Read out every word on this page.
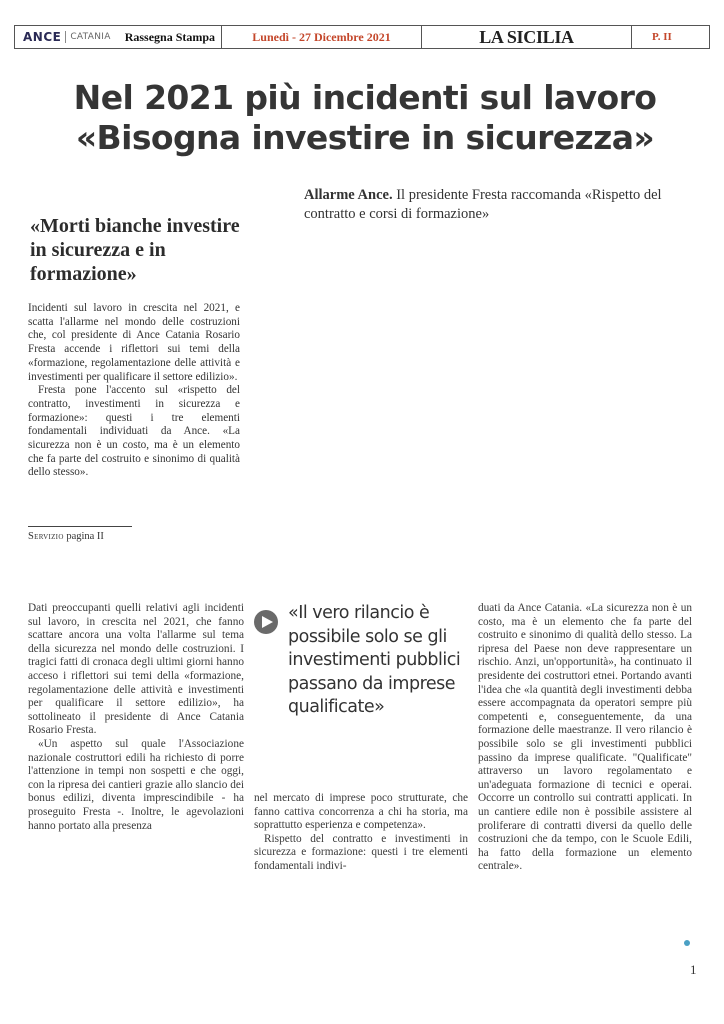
ANCE CATANIA Rassegna Stampa	Lunedì - 27 Dicembre 2021	LA SICILIA	P. II
Nel 2021 più incidenti sul lavoro
«Bisogna investire in sicurezza»
Allarme Ance. Il presidente Fresta raccomanda «Rispetto del contratto e corsi di formazione»
«Morti bianche investire in sicurezza e in formazione»

Incidenti sul lavoro in crescita nel 2021, e scatta l'allarme nel mondo delle costruzioni che, col presidente di Ance Catania Rosario Fresta accende i riflettori sui temi della «formazione, regolamentazione delle attività e investimenti per qualificare il settore edilizio».

Fresta pone l'accento sul «rispetto del contratto, investimenti in sicurezza e formazione»: questi i tre elementi fondamentali individuati da Ance. «La sicurezza non è un costo, ma è un elemento che fa parte del costruito e sinonimo di qualità dello stesso».

Servizio pagina II

Dati preoccupanti quelli relativi agli incidenti sul lavoro, in crescita nel 2021, che fanno scattare ancora una volta l'allarme sul tema della sicurezza nel mondo delle costruzioni. I tragici fatti di cronaca degli ultimi giorni hanno acceso i riflettori sui temi della «formazione, regolamentazione delle attività e investimenti per qualificare il settore edilizio», ha sottolineato il presidente di Ance Catania Rosario Fresta.

«Un aspetto sul quale l'Associazione nazionale costruttori edili ha richiesto di porre l'attenzione in tempi non sospetti e che oggi, con la ripresa dei cantieri grazie allo slancio dei bonus edilizi, diventa imprescindibile - ha proseguito Fresta -. Inoltre, le agevolazioni hanno portato alla presenza

«Il vero rilancio è possibile solo se gli investimenti pubblici passano da imprese qualificate»

nel mercato di imprese poco strutturate, che fanno cattiva concorrenza a chi ha storia, ma soprattutto esperienza e competenza».

Rispetto del contratto e investimenti in sicurezza e formazione: questi i tre elementi fondamentali indivi-

duati da Ance Catania. «La sicurezza non è un costo, ma è un elemento che fa parte del costruito e sinonimo di qualità dello stesso. La ripresa del Paese non deve rappresentare un rischio. Anzi, un'opportunità», ha continuato il presidente dei costruttori etnei. Portando avanti l'idea che «la quantità degli investimenti debba essere accompagnata da operatori sempre più competenti e, conseguentemente, da una formazione delle maestranze. Il vero rilancio è possibile solo se gli investimenti pubblici passino da imprese qualificate. "Qualificate" attraverso un lavoro regolamentato e un'adeguata formazione di tecnici e operai. Occorre un controllo sui contratti applicati. In un cantiere edile non è possibile assistere al proliferare di contratti diversi da quello delle costruzioni che da tempo, con le Scuole Edili, ha fatto della formazione un elemento centrale».

1
